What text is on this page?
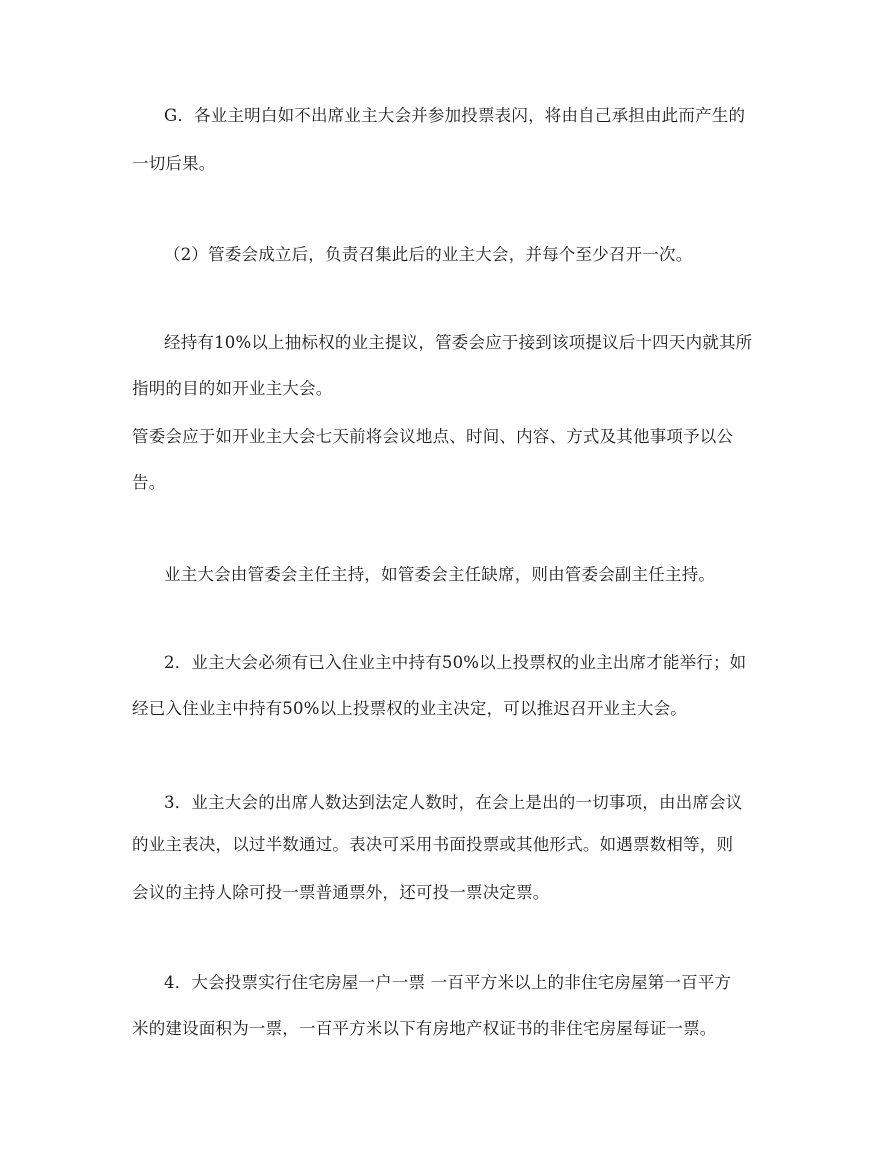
G．各业主明白如不出席业主大会并参加投票表闪，将由自己承担由此而产生的
一切后果。
（2）管委会成立后，负责召集此后的业主大会，并每个至少召开一次。
经持有10%以上抽标权的业主提议，管委会应于接到该项提议后十四天内就其所
指明的目的如开业主大会。
管委会应于如开业主大会七天前将会议地点、时间、内容、方式及其他事项予以公
告。
业主大会由管委会主任主持，如管委会主任缺席，则由管委会副主任主持。
2．业主大会必须有已入住业主中持有50%以上投票权的业主出席才能举行；如
经已入住业主中持有50%以上投票权的业主决定，可以推迟召开业主大会。
3．业主大会的出席人数达到法定人数时，在会上是出的一切事项，由出席会议
的业主表决，以过半数通过。表决可采用书面投票或其他形式。如遇票数相等，则
会议的主持人除可投一票普通票外，还可投一票决定票。
4．大会投票实行住宅房屋一户一票 一百平方米以上的非住宅房屋第一百平方
米的建设面积为一票，一百平方米以下有房地产权证书的非住宅房屋每证一票。
